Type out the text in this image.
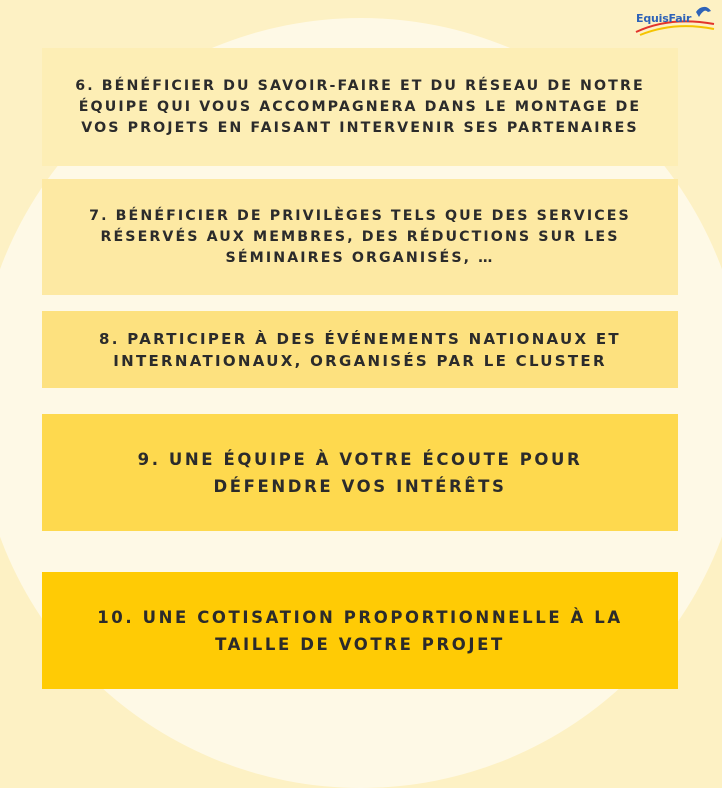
EquisFair
6. BÉNÉFICIER DU SAVOIR-FAIRE ET DU RÉSEAU DE NOTRE
ÉQUIPE QUI VOUS ACCOMPAGNERA DANS LE MONTAGE DE
VOS PROJETS EN FAISANT INTERVENIR SES PARTENAIRES
7. BÉNÉFICIER DE PRIVILÈGES TELS QUE DES SERVICES
RÉSERVÉS AUX MEMBRES, DES RÉDUCTIONS SUR LES
SÉMINAIRES ORGANISÉS, …
8. PARTICIPER À DES ÉVÉNEMENTS NATIONAUX ET
INTERNATIONAUX, ORGANISÉS PAR LE CLUSTER
9. UNE ÉQUIPE À VOTRE ÉCOUTE POUR
DÉFENDRE VOS INTÉRÊTS
10. UNE COTISATION PROPORTIONNELLE À LA
TAILLE DE VOTRE PROJET
